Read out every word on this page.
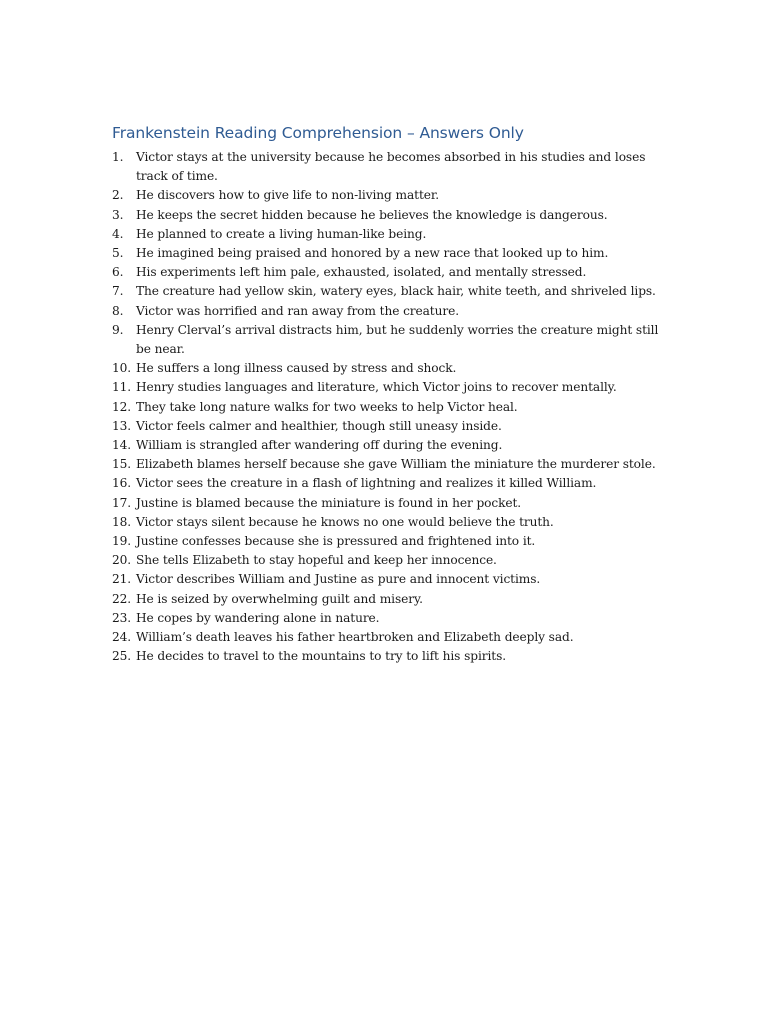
Frankenstein Reading Comprehension – Answers Only
1. Victor stays at the university because he becomes absorbed in his studies and loses track of time.
2. He discovers how to give life to non-living matter.
3. He keeps the secret hidden because he believes the knowledge is dangerous.
4. He planned to create a living human-like being.
5. He imagined being praised and honored by a new race that looked up to him.
6. His experiments left him pale, exhausted, isolated, and mentally stressed.
7. The creature had yellow skin, watery eyes, black hair, white teeth, and shriveled lips.
8. Victor was horrified and ran away from the creature.
9. Henry Clerval’s arrival distracts him, but he suddenly worries the creature might still be near.
10. He suffers a long illness caused by stress and shock.
11. Henry studies languages and literature, which Victor joins to recover mentally.
12. They take long nature walks for two weeks to help Victor heal.
13. Victor feels calmer and healthier, though still uneasy inside.
14. William is strangled after wandering off during the evening.
15. Elizabeth blames herself because she gave William the miniature the murderer stole.
16. Victor sees the creature in a flash of lightning and realizes it killed William.
17. Justine is blamed because the miniature is found in her pocket.
18. Victor stays silent because he knows no one would believe the truth.
19. Justine confesses because she is pressured and frightened into it.
20. She tells Elizabeth to stay hopeful and keep her innocence.
21. Victor describes William and Justine as pure and innocent victims.
22. He is seized by overwhelming guilt and misery.
23. He copes by wandering alone in nature.
24. William’s death leaves his father heartbroken and Elizabeth deeply sad.
25. He decides to travel to the mountains to try to lift his spirits.
